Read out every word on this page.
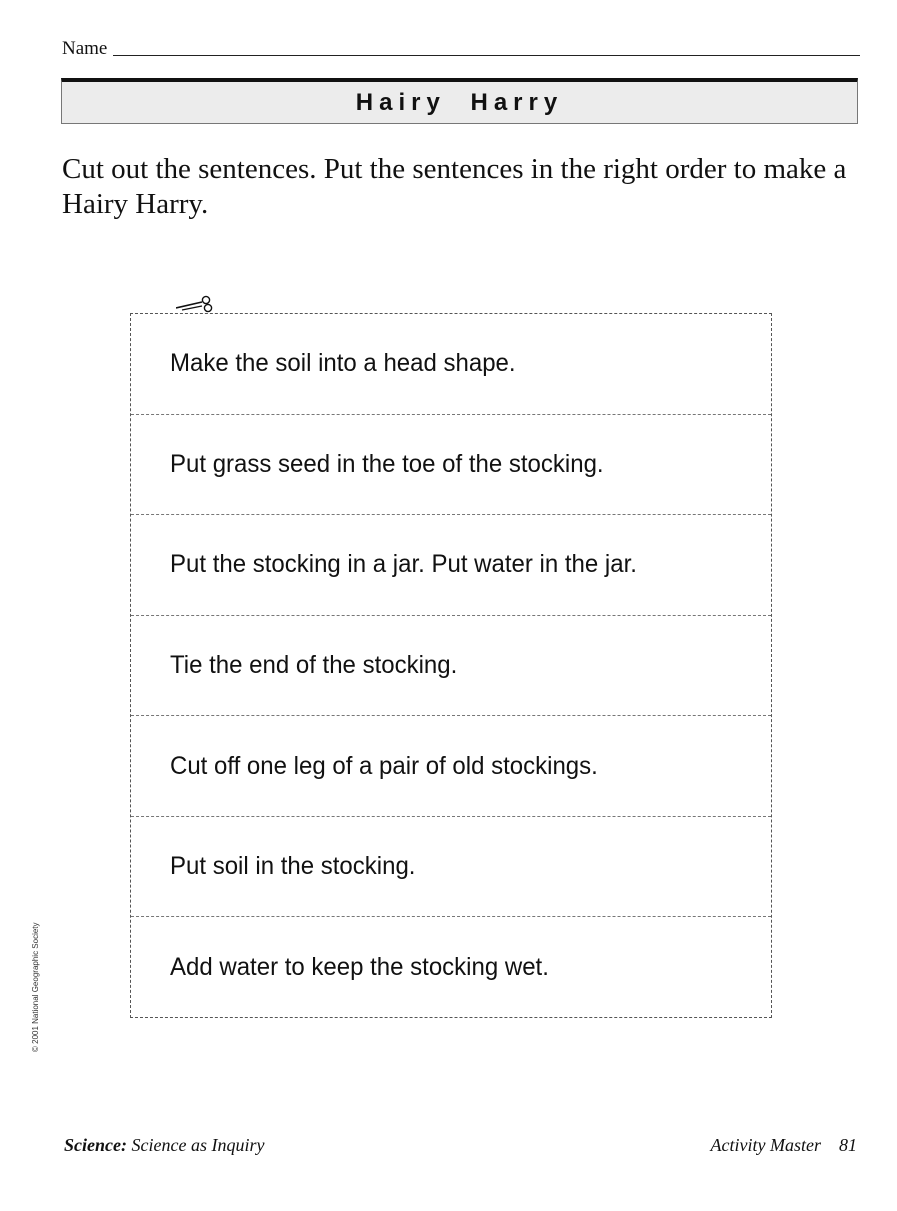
Name
Hairy Harry
Cut out the sentences. Put the sentences in the right order to make a Hairy Harry.
Make the soil into a head shape.
Put grass seed in the toe of the stocking.
Put the stocking in a jar. Put water in the jar.
Tie the end of the stocking.
Cut off one leg of a pair of old stockings.
Put soil in the stocking.
Add water to keep the stocking wet.
© 2001 National Geographic Society
Science: Science as Inquiry	Activity Master 81
